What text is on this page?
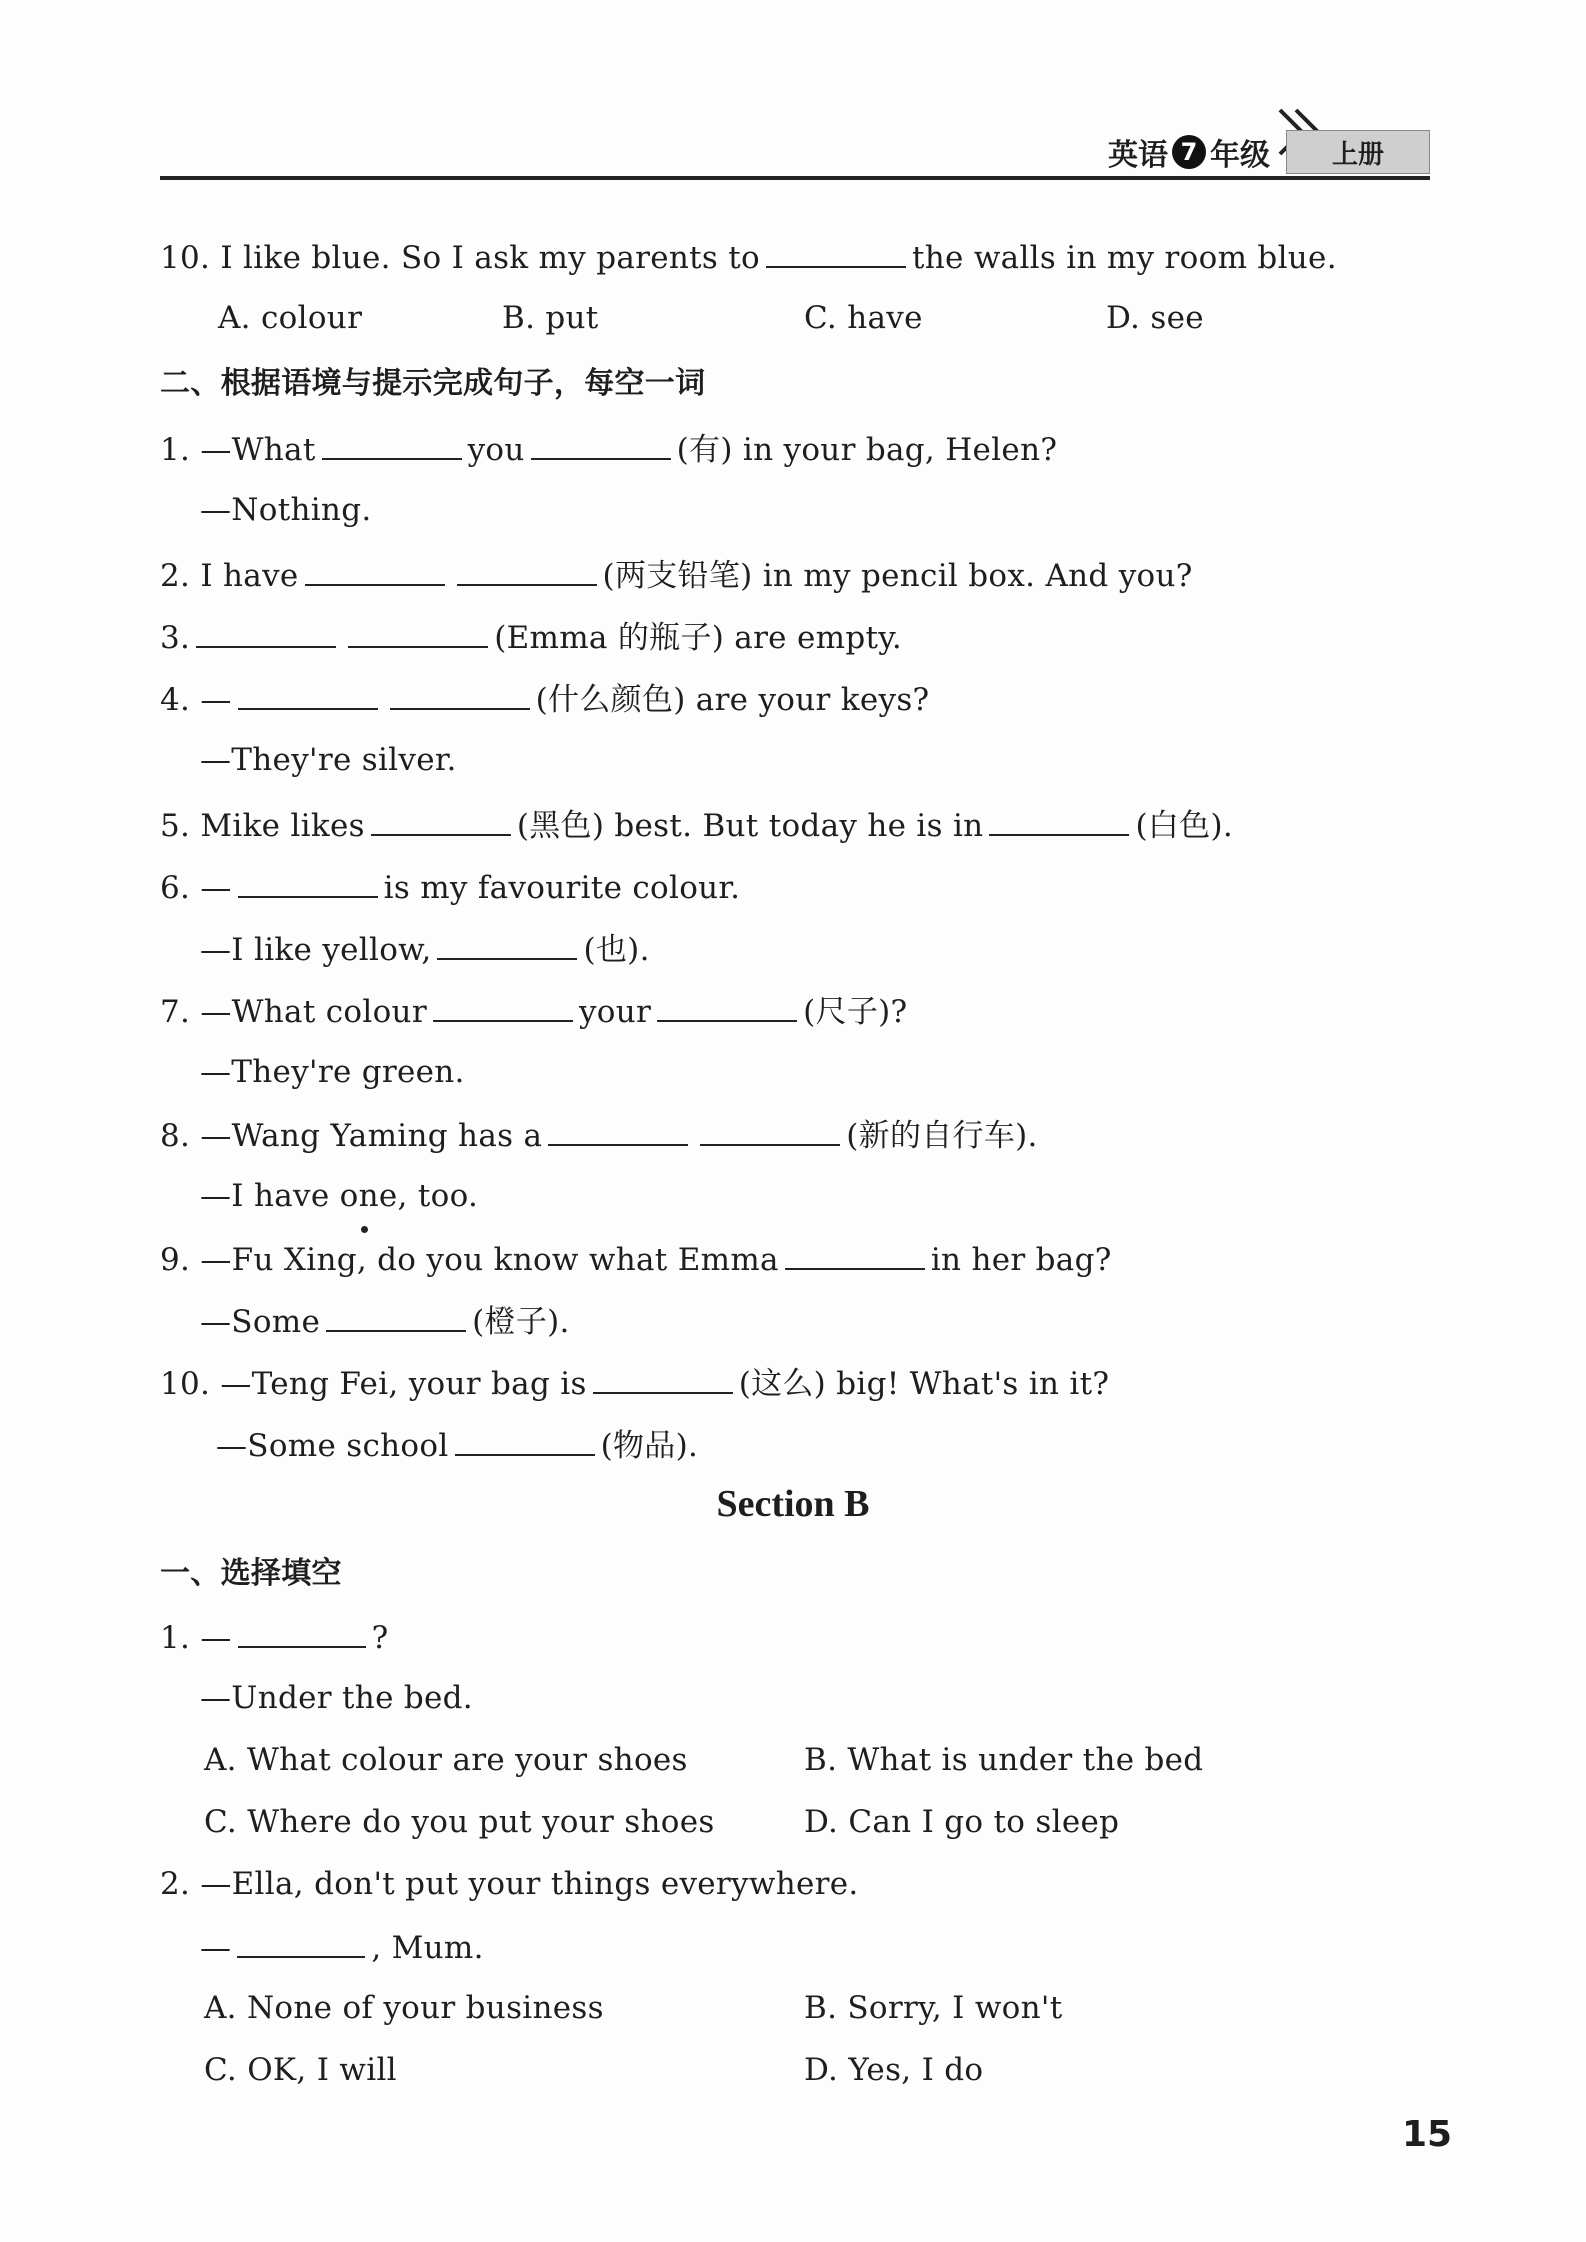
英语 7 年级	上册
10. I like blue. So I ask my parents to	the walls in my room blue.
A. colour	B. put	C. have	D. see
二、根据语境与提示完成句子，每空一词
1. —What	you	(有) in your bag, Helen?
—Nothing.
2. I have	(两支铅笔) in my pencil box. And you?
3.	(Emma 的瓶子) are empty.
4. —	(什么颜色) are your keys?
—They're silver.
5. Mike likes	(黑色) best. But today he is in	(白色).
6. —	is my favourite colour.
—I like yellow,	(也).
7. —What colour	your	(尺子)?
—They're green.
8. —Wang Yaming has a	(新的自行车).
—I have one, too.
9. —Fu Xing, do you know what Emma	in her bag?
—Some	(橙子).
10. —Teng Fei, your bag is	(这么) big! What's in it?
—Some school	(物品).
Section B
一、选择填空
1. —	?
—Under the bed.
A. What colour are your shoes	B. What is under the bed
C. Where do you put your shoes	D. Can I go to sleep
2. —Ella, don't put your things everywhere.
—	, Mum.
A. None of your business	B. Sorry, I won't
C. OK, I will	D. Yes, I do
15
